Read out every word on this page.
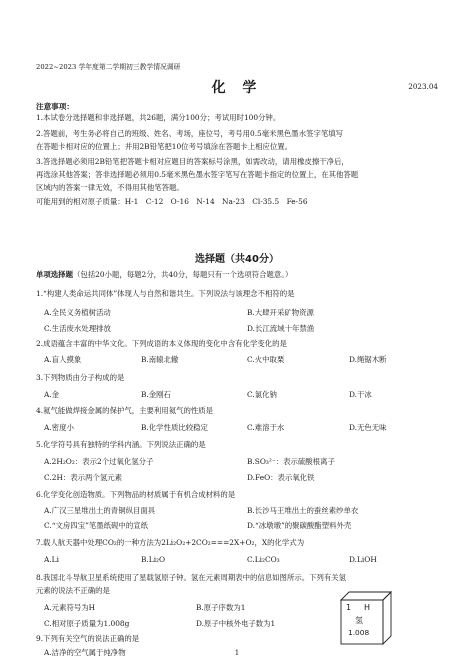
2022~2023 学年度第二学期初三教学情况调研
化 学	2023.04
注意事项：
1.本试卷分选择题和非选择题，共26题，满分100分；考试用时100分钟。
2.答题前，考生务必将自己的班级、姓名、考场，座位号，考号用0.5毫米黑色墨水签字笔填写
在答题卡相对应的位置上；并用2B铅笔把10位考号填涂在答题卡上相应位置。
3.答选择题必须用2B铅笔把答题卡相对应题目的答案标号涂黑，如需改动，请用橡皮擦干净后，
再选涂其他答案；答非选择题必须用0.5毫米黑色墨水签字笔写在答题卡指定的位置上，在其他答题
区域内的答案一律无效，不得用其他笔答题。
可能用到的相对原子质量：H-1　C-12　O-16　N-14　Na-23　Cl-35.5　Fe-56
选择题（共40分）
单项选择题（包括20小题，每题2分，共40分，每题只有一个选项符合题意。）
1.“构建人类命运共同体”体现人与自然和谐共生。下列说法与该理念不相符的是
A.全民义务植树活动	B.大肆开采矿物资源
C.生活废水处理排放	D.长江流域十年禁渔
2.成语蕴含丰富的中华文化。下列成语的本义体现的变化中含有化学变化的是
A.盲人摸象	B.南辕北辙	C.火中取栗	D.绳锯木断
3.下列物质由分子构成的是
A.金	B.金刚石	C.氯化钠	D.干冰
4.氦气能做焊接金属的保护气，主要利用氦气的性质是
A.密度小	B.化学性质比较稳定	C.难溶于水	D.无色无味
5.化学符号具有独特的学科内涵。下列说法正确的是
A.2H₂O₂：表示2个过氧化氢分子	B.SO₃²⁻：表示硫酸根离子
C.2H：表示两个氢元素	D.FeO：表示氧化铁
6.化学变化创造物质。下列物品的材质属于有机合成材料的是
A.广汉三星堆出土的青铜纵目面具	B.长沙马王堆出土的蚕丝素纱单衣
C.“文房四宝”笔墨纸砚中的宣纸	D.“冰墩墩”的聚碳酸酯塑料外壳
7.载人航天器中处理CO₂的一种方法为2Li₂O₂+2CO₂===2X+O₂，X的化学式为
A.Li	B.Li₂O	C.Li₂CO₃	D.LiOH
8.我国北斗导航卫星系统使用了星载氢原子钟。氢在元素周期表中的信息如图所示。下列有关氢
元素的说法不正确的是
A.元素符号为H	B.原子序数为1
C.相对原子质量为1.008g	D.原子中核外电子数为1
9.下列有关空气的说法正确的是
A.洁净的空气属于纯净物
1 H
氢
1.008
1
